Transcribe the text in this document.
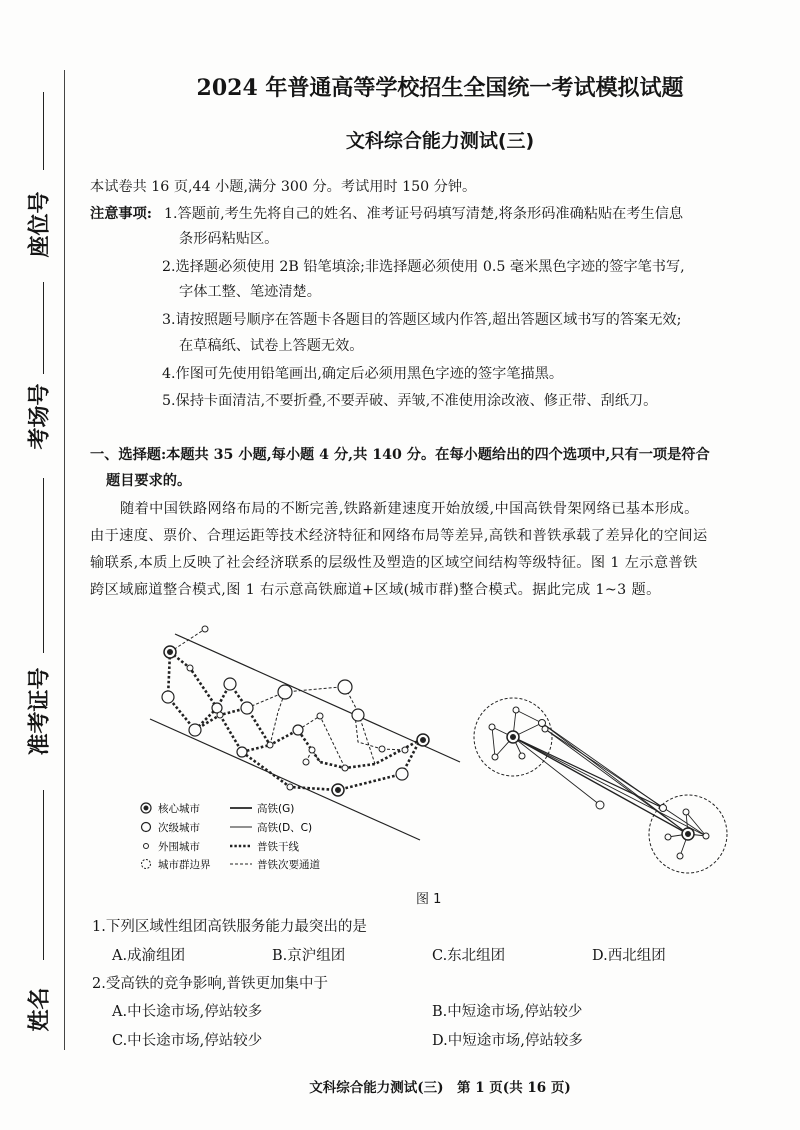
座位号
考场号
准考证号
姓名
2024 年普通高等学校招生全国统一考试模拟试题
文科综合能力测试(三)
本试卷共 16 页,44 小题,满分 300 分。考试用时 150 分钟。
注意事项: 1.答题前,考生先将自己的姓名、准考证号码填写清楚,将条形码准确粘贴在考生信息
条形码粘贴区。
2.选择题必须使用 2B 铅笔填涂;非选择题必须使用 0.5 毫米黑色字迹的签字笔书写,
字体工整、笔迹清楚。
3.请按照题号顺序在答题卡各题目的答题区域内作答,超出答题区域书写的答案无效;
在草稿纸、试卷上答题无效。
4.作图可先使用铅笔画出,确定后必须用黑色字迹的签字笔描黑。
5.保持卡面清洁,不要折叠,不要弄破、弄皱,不准使用涂改液、修正带、刮纸刀。
一、选择题:本题共 35 小题,每小题 4 分,共 140 分。在每小题给出的四个选项中,只有一项是符合
题目要求的。
随着中国铁路网络布局的不断完善,铁路新建速度开始放缓,中国高铁骨架网络已基本形成。
由于速度、票价、合理运距等技术经济特征和网络布局等差异,高铁和普铁承载了差异化的空间运
输联系,本质上反映了社会经济联系的层级性及塑造的区域空间结构等级特征。图 1 左示意普铁
跨区域廊道整合模式,图 1 右示意高铁廊道+区域(城市群)整合模式。据此完成 1~3 题。
核心城市
次级城市
外围城市
城市群边界
高铁(G)
高铁(D、C)
普铁干线
普铁次要通道
图 1
1.下列区域性组团高铁服务能力最突出的是
A.成渝组团	B.京沪组团	C.东北组团	D.西北组团
2.受高铁的竞争影响,普铁更加集中于
A.中长途市场,停站较多	B.中短途市场,停站较少
C.中长途市场,停站较少	D.中短途市场,停站较多
文科综合能力测试(三)　第 1 页(共 16 页)
